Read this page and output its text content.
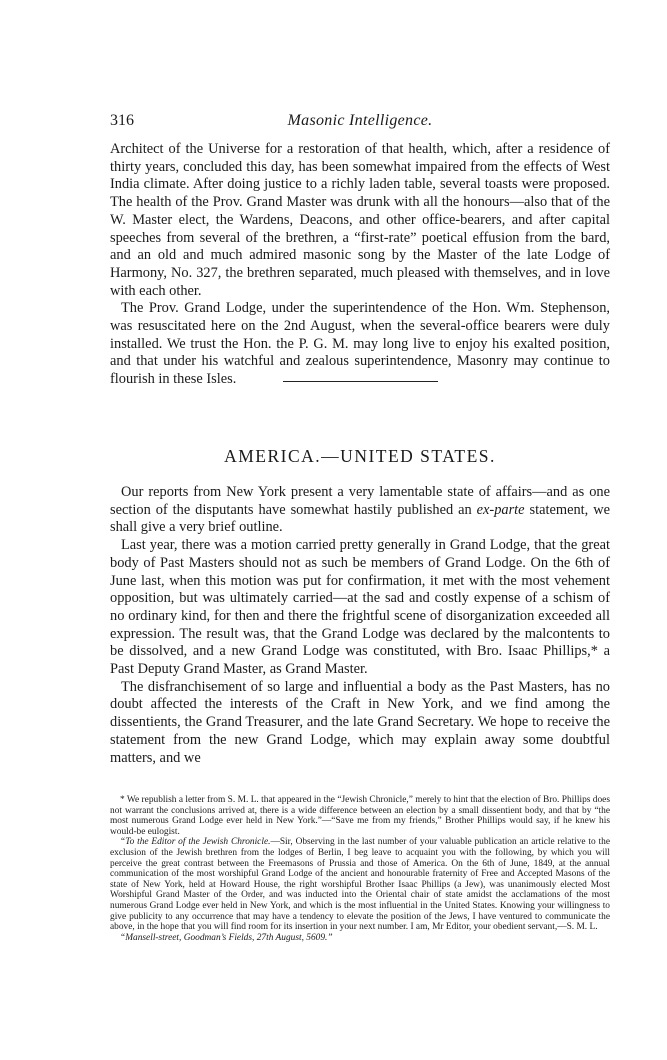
316	Masonic Intelligence.

Architect of the Universe for a restoration of that health, which, after a residence of thirty years, concluded this day, has been somewhat impaired from the effects of West India climate. After doing justice to a richly laden table, several toasts were proposed. The health of the Prov. Grand Master was drunk with all the honours—also that of the W. Master elect, the Wardens, Deacons, and other office-bearers, and after capital speeches from several of the brethren, a “first-rate” poetical effusion from the bard, and an old and much admired masonic song by the Master of the late Lodge of Harmony, No. 327, the brethren separated, much pleased with themselves, and in love with each other.

The Prov. Grand Lodge, under the superintendence of the Hon. Wm. Stephenson, was resuscitated here on the 2nd August, when the several-office bearers were duly installed. We trust the Hon. the P. G. M. may long live to enjoy his exalted position, and that under his watchful and zealous superintendence, Masonry may continue to flourish in these Isles.

AMERICA.—UNITED STATES.

Our reports from New York present a very lamentable state of affairs—and as one section of the disputants have somewhat hastily published an ex-parte statement, we shall give a very brief outline.

Last year, there was a motion carried pretty generally in Grand Lodge, that the great body of Past Masters should not as such be members of Grand Lodge. On the 6th of June last, when this motion was put for confirmation, it met with the most vehement opposition, but was ultimately carried—at the sad and costly expense of a schism of no ordinary kind, for then and there the frightful scene of disorganization exceeded all expression. The result was, that the Grand Lodge was declared by the malcontents to be dissolved, and a new Grand Lodge was constituted, with Bro. Isaac Phillips,* a Past Deputy Grand Master, as Grand Master.

The disfranchisement of so large and influential a body as the Past Masters, has no doubt affected the interests of the Craft in New York, and we find among the dissentients, the Grand Treasurer, and the late Grand Secretary. We hope to receive the statement from the new Grand Lodge, which may explain away some doubtful matters, and we

* We republish a letter from S. M. L. that appeared in the “Jewish Chronicle,” merely to hint that the election of Bro. Phillips does not warrant the conclusions arrived at, there is a wide difference between an election by a small dissentient body, and that by “the most numerous Grand Lodge ever held in New York.”—“Save me from my friends,” Brother Phillips would say, if he knew his would-be eulogist.

“To the Editor of the Jewish Chronicle.—Sir, Observing in the last number of your valuable publication an article relative to the exclusion of the Jewish brethren from the lodges of Berlin, I beg leave to acquaint you with the following, by which you will perceive the great contrast between the Freemasons of Prussia and those of America. On the 6th of June, 1849, at the annual communication of the most worshipful Grand Lodge of the ancient and honourable fraternity of Free and Accepted Masons of the state of New York, held at Howard House, the right worshipful Brother Isaac Phillips (a Jew), was unanimously elected Most Worshipful Grand Master of the Order, and was inducted into the Oriental chair of state amidst the acclamations of the most numerous Grand Lodge ever held in New York, and which is the most influential in the United States. Knowing your willingness to give publicity to any occurrence that may have a tendency to elevate the position of the Jews, I have ventured to communicate the above, in the hope that you will find room for its insertion in your next number. I am, Mr Editor, your obedient servant,—S. M. L.

“Mansell-street, Goodman’s Fields, 27th August, 5609.”
